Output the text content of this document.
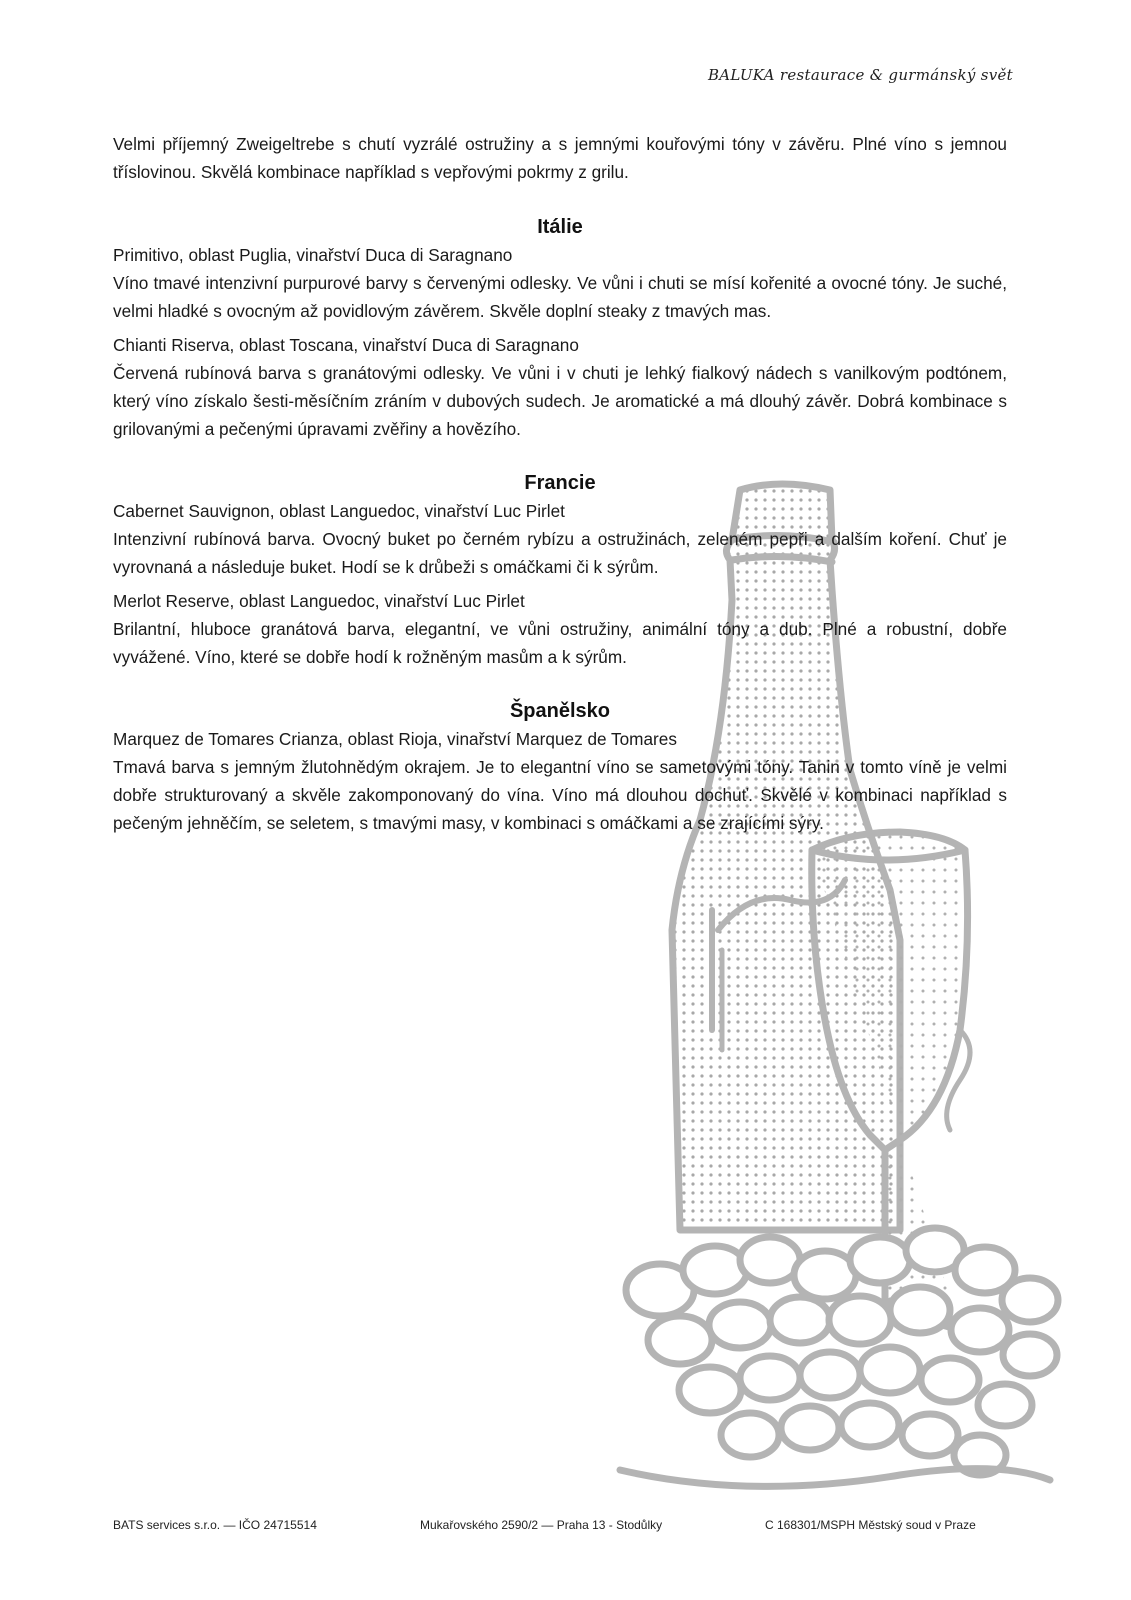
BALUKA restaurace & gurmánský svět

Velmi příjemný Zweigeltrebe s chutí vyzrálé ostružiny a s jemnými kouřovými tóny v závěru. Plné víno s jemnou tříslovinou. Skvělá kombinace například s vepřovými pokrmy z grilu.

Itálie

Primitivo, oblast Puglia, vinařství Duca di Saragnano

Víno tmavé intenzivní purpurové barvy s červenými odlesky. Ve vůni i chuti se mísí kořenité a ovocné tóny. Je suché, velmi hladké s ovocným až povidlovým závěrem. Skvěle doplní steaky z tmavých mas.

Chianti Riserva, oblast Toscana, vinařství Duca di Saragnano

Červená rubínová barva s granátovými odlesky. Ve vůni i v chuti je lehký fialkový nádech s vanilkovým podtónem, který víno získalo šesti-měsíčním zráním v dubových sudech. Je aromatické a má dlouhý závěr. Dobrá kombinace s grilovanými a pečenými úpravami zvěřiny a hovězího.

Francie

Cabernet Sauvignon, oblast Languedoc, vinařství Luc Pirlet

Intenzivní rubínová barva. Ovocný buket po černém rybízu a ostružinách, zeleném pepři a dalším koření. Chuť je vyrovnaná a následuje buket. Hodí se k drůbeži s omáčkami či k sýrům.

Merlot Reserve, oblast Languedoc, vinařství Luc Pirlet

Brilantní, hluboce granátová barva, elegantní, ve vůni ostružiny, animální tóny a dub. Plné a robustní, dobře vyvážené. Víno, které se dobře hodí k rožněným masům a k sýrům.

Španělsko

Marquez de Tomares Crianza, oblast Rioja, vinařství Marquez de Tomares

Tmavá barva s jemným žlutohnědým okrajem. Je to elegantní víno se sametovými tóny. Tanin v tomto víně je velmi dobře strukturovaný a skvěle zakomponovaný do vína. Víno má dlouhou dochuť. Skvělé v kombinaci například s pečeným jehněčím, se seletem, s tmavými masy, v kombinaci s omáčkami a se zrajícími sýry.

BATS services s.r.o. — IČO 24715514	Mukařovského 2590/2 — Praha 13 - Stodůlky	C 168301/MSPH Městský soud v Praze
